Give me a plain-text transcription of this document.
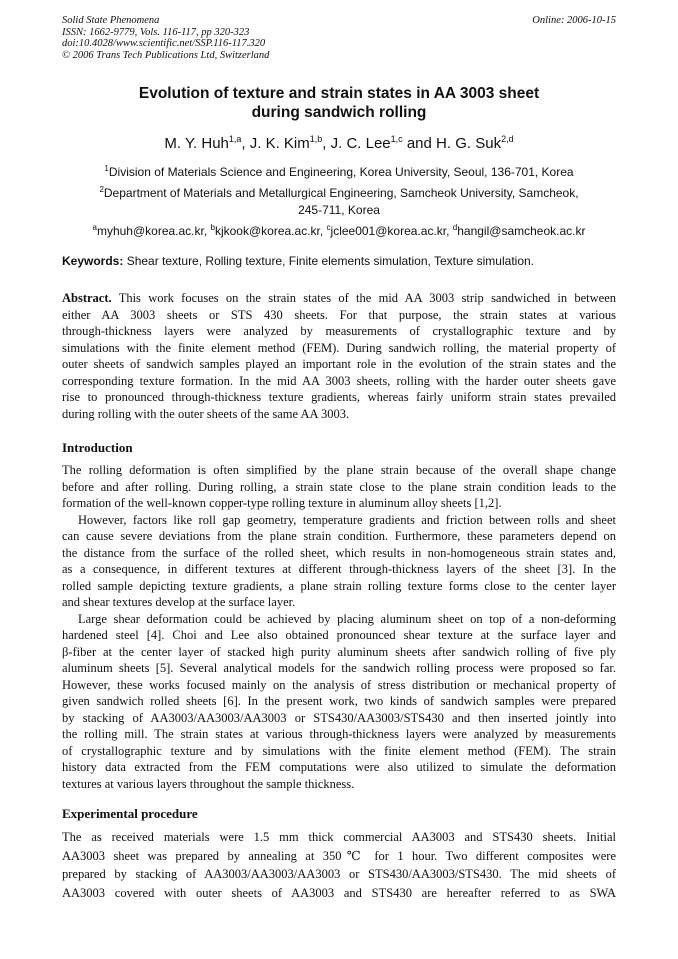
Solid State Phenomena
ISSN: 1662-9779, Vols. 116-117, pp 320-323
doi:10.4028/www.scientific.net/SSP.116-117.320
© 2006 Trans Tech Publications Ltd, Switzerland
Online: 2006-10-15
Evolution of texture and strain states in AA 3003 sheet
during sandwich rolling
M. Y. Huh$^{1,a}$, J. K. Kim$^{1,b}$, J. C. Lee$^{1,c}$ and H. G. Suk$^{2,d}$
$^1$Division of Materials Science and Engineering, Korea University, Seoul, 136-701, Korea
$^2$Department of Materials and Metallurgical Engineering, Samcheok University, Samcheok,
245-711, Korea
$^a$myhuh@korea.ac.kr, $^b$kjkook@korea.ac.kr, $^c$jclee001@korea.ac.kr, $^d$hangil@samcheok.ac.kr
Keywords: Shear texture, Rolling texture, Finite elements simulation, Texture simulation.
Abstract. This work focuses on the strain states of the mid AA 3003 strip sandwiched in between
either AA 3003 sheets or STS 430 sheets. For that purpose, the strain states at various
through-thickness layers were analyzed by measurements of crystallographic texture and by
simulations with the finite element method (FEM). During sandwich rolling, the material property of
outer sheets of sandwich samples played an important role in the evolution of the strain states and the
corresponding texture formation. In the mid AA 3003 sheets, rolling with the harder outer sheets gave
rise to pronounced through-thickness texture gradients, whereas fairly uniform strain states prevailed
during rolling with the outer sheets of the same AA 3003.
Introduction
The rolling deformation is often simplified by the plane strain because of the overall shape change
before and after rolling. During rolling, a strain state close to the plane strain condition leads to the
formation of the well-known copper-type rolling texture in aluminum alloy sheets [1,2].
However, factors like roll gap geometry, temperature gradients and friction between rolls and sheet
can cause severe deviations from the plane strain condition. Furthermore, these parameters depend on
the distance from the surface of the rolled sheet, which results in non-homogeneous strain states and,
as a consequence, in different textures at different through-thickness layers of the sheet [3]. In the
rolled sample depicting texture gradients, a plane strain rolling texture forms close to the center layer
and shear textures develop at the surface layer.
Large shear deformation could be achieved by placing aluminum sheet on top of a non-deforming
hardened steel [4]. Choi and Lee also obtained pronounced shear texture at the surface layer and
β-fiber at the center layer of stacked high purity aluminum sheets after sandwich rolling of five ply
aluminum sheets [5]. Several analytical models for the sandwich rolling process were proposed so far.
However, these works focused mainly on the analysis of stress distribution or mechanical property of
given sandwich rolled sheets [6]. In the present work, two kinds of sandwich samples were prepared
by stacking of AA3003/AA3003/AA3003 or STS430/AA3003/STS430 and then inserted jointly into
the rolling mill. The strain states at various through-thickness layers were analyzed by measurements
of crystallographic texture and by simulations with the finite element method (FEM). The strain
history data extracted from the FEM computations were also utilized to simulate the deformation
textures at various layers throughout the sample thickness.
Experimental procedure
The as received materials were 1.5 mm thick commercial AA3003 and STS430 sheets. Initial
AA3003 sheet was prepared by annealing at 350℃ for 1 hour. Two different composites were
prepared by stacking of AA3003/AA3003/AA3003 or STS430/AA3003/STS430. The mid sheets of
AA3003 covered with outer sheets of AA3003 and STS430 are hereafter referred to as SWA
